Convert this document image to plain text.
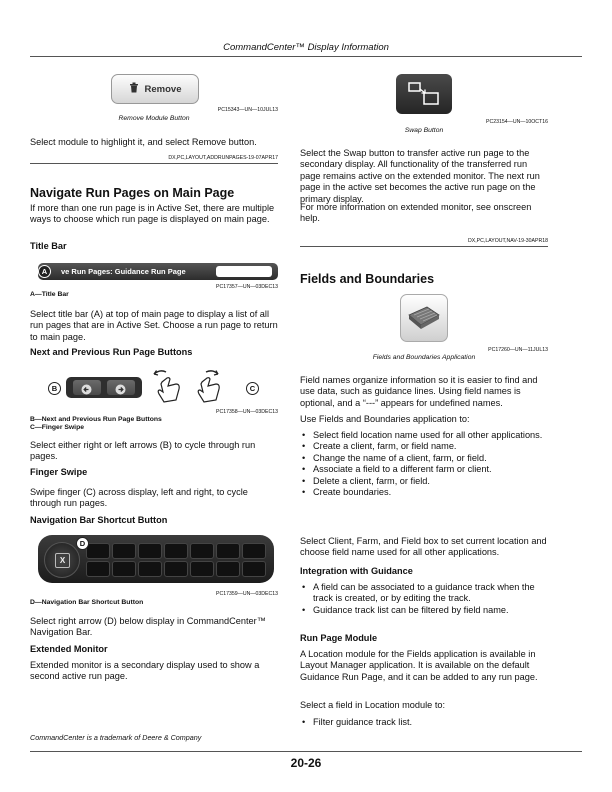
CommandCenter™ Display Information
Remove
PC15343—UN—10JUL13
Remove Module Button

Select module to highlight it, and select Remove button.

DX,PC,LAYOUT,ADDRUNPAGES-19-07APR17
Navigate Run Pages on Main Page

If more than one run page is in Active Set, there are multiple ways to choose which run page is displayed on main page.

Title Bar
ve Run Pages: Guidance Run Page
A
PC17357—UN—03DEC13
A—Title Bar

Select title bar (A) at top of main page to display a list of all run pages that are in Active Set. Choose a run page to return to main page.

Next and Previous Run Page Buttons
B	C
PC17358—UN—03DEC13
B—Next and Previous Run Page Buttons
C—Finger Swipe

Select either right or left arrows (B) to cycle through run pages.

Finger Swipe

Swipe finger (C) across display, left and right, to cycle through run pages.

Navigation Bar Shortcut Button
X
D
PC17359—UN—03DEC13
D—Navigation Bar Shortcut Button

Select right arrow (D) below display in CommandCenter™ Navigation Bar.

Extended Monitor

Extended monitor is a secondary display used to show a second active run page.

PC23154—UN—10OCT16
Swap Button

Select the Swap button to transfer active run page to the secondary display. All functionality of the transferred run page remains active on the extended monitor. The next run page in the active set becomes the active run page on the primary display.

For more information on extended monitor, see onscreen help.

DX,PC,LAYOUT,NAV-19-30APR18
Fields and Boundaries
PC17260—UN—11JUL13
Fields and Boundaries Application

Field names organize information so it is easier to find and use data, such as guidance lines. Using field names is optional, and a “---” appears for undefined names.

Use Fields and Boundaries application to:

• Select field location name used for all other applications.
• Create a client, farm, or field name.
• Change the name of a client, farm, or field.
• Associate a field to a different farm or client.
• Delete a client, farm, or field.
• Create boundaries.

Select Client, Farm, and Field box to set current location and choose field name used for all other applications.

Integration with Guidance
• A field can be associated to a guidance track when the track is created, or by editing the track.
• Guidance track list can be filtered by field name.
Run Page Module

A Location module for the Fields application is available in Layout Manager application. It is available on the default Guidance Run Page, and it can be added to any run page.

Select a field in Location module to:

• Filter guidance track list.
CommandCenter is a trademark of Deere & Company
20-26
